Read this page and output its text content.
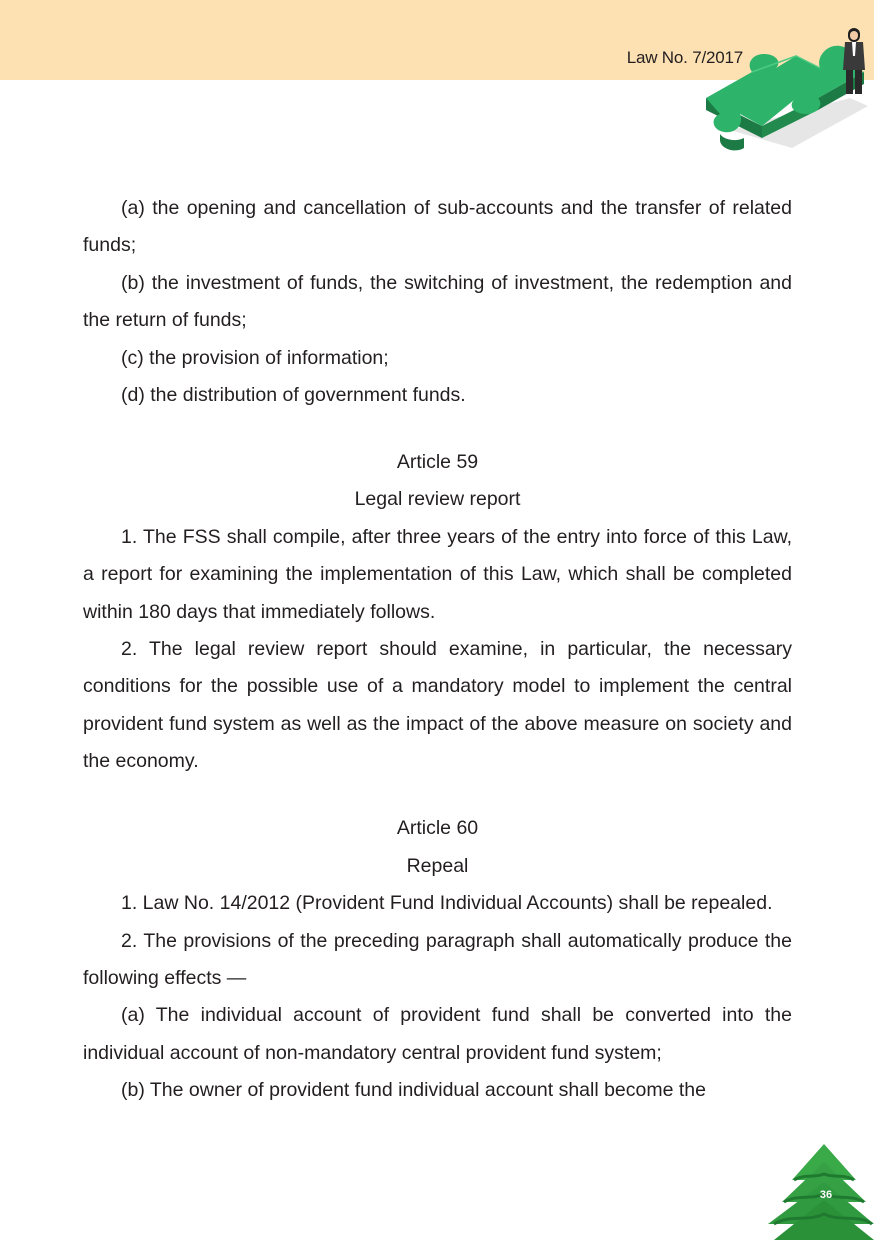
Law No. 7/2017

(a) the opening and cancellation of sub-accounts and the transfer of related funds;

(b) the investment of funds, the switching of investment, the redemption and the return of funds;

(c) the provision of information;

(d) the distribution of government funds.

Article 59

Legal review report

1. The FSS shall compile, after three years of the entry into force of this Law, a report for examining the implementation of this Law, which shall be completed within 180 days that immediately follows.

2. The legal review report should examine, in particular, the necessary conditions for the possible use of a mandatory model to implement the central provident fund system as well as the impact of the above measure on society and the economy.

Article 60

Repeal

1. Law No. 14/2012 (Provident Fund Individual Accounts) shall be repealed.

2. The provisions of the preceding paragraph shall automatically produce the following effects —

(a) The individual account of provident fund shall be converted into the individual account of non-mandatory central provident fund system;

(b) The owner of provident fund individual account shall become the

36
